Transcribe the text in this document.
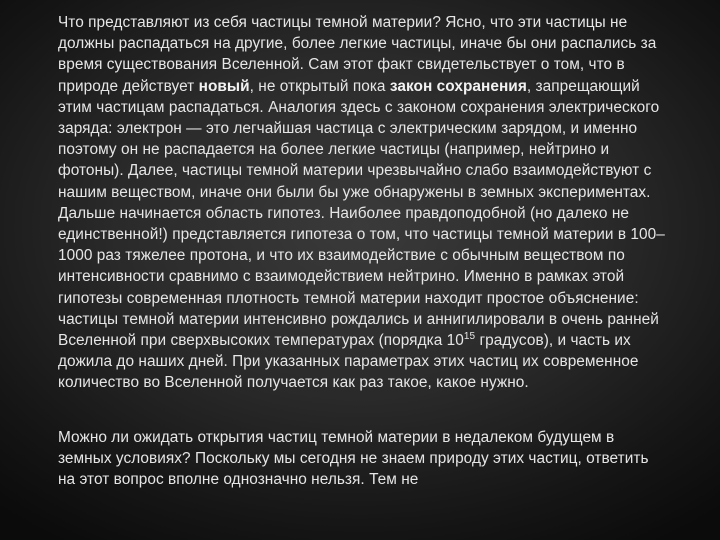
Что представляют из себя частицы темной материи? Ясно, что эти частицы не должны распадаться на другие, более легкие частицы, иначе бы они распались за время существования Вселенной. Сам этот факт свидетельствует о том, что в природе действует новый, не открытый пока закон сохранения, запрещающий этим частицам распадаться. Аналогия здесь с законом сохранения электрического заряда: электрон — это легчайшая частица с электрическим зарядом, и именно поэтому он не распадается на более легкие частицы (например, нейтрино и фотоны). Далее, частицы темной материи чрезвычайно слабо взаимодействуют с нашим веществом, иначе они были бы уже обнаружены в земных экспериментах. Дальше начинается область гипотез. Наиболее правдоподобной (но далеко не единственной!) представляется гипотеза о том, что частицы темной материи в 100–1000 раз тяжелее протона, и что их взаимодействие с обычным веществом по интенсивности сравнимо с взаимодействием нейтрино. Именно в рамках этой гипотезы современная плотность темной материи находит простое объяснение: частицы темной материи интенсивно рождались и аннигилировали в очень ранней Вселенной при сверхвысоких температурах (порядка $10^{15}$ градусов), и часть их дожила до наших дней. При указанных параметрах этих частиц их современное количество во Вселенной получается как раз такое, какое нужно.

Можно ли ожидать открытия частиц темной материи в недалеком будущем в земных условиях? Поскольку мы сегодня не знаем природу этих частиц, ответить на этот вопрос вполне однозначно нельзя. Тем не
